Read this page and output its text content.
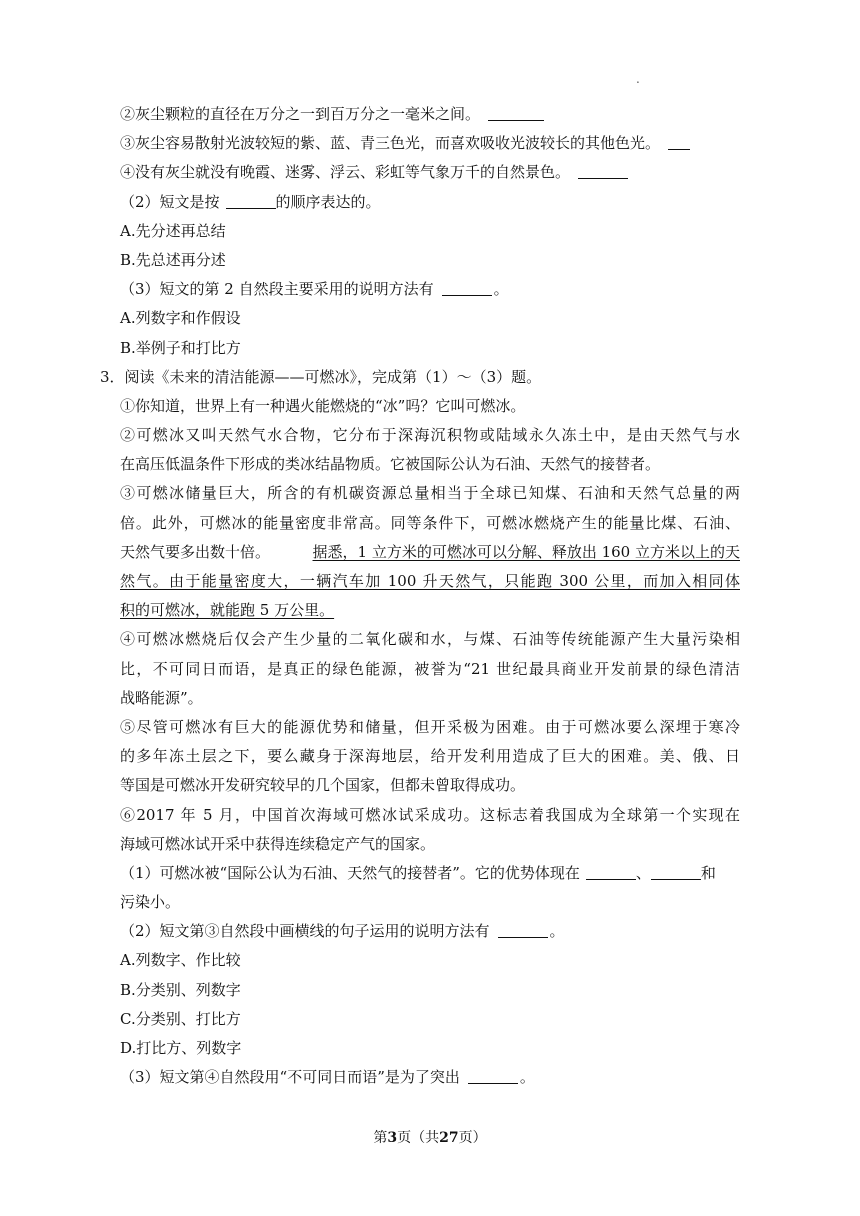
.
②灰尘颗粒的直径在万分之一到百万分之一毫米之间。
③灰尘容易散射光波较短的紫、蓝、青三色光，而喜欢吸收光波较长的其他色光。
④没有灰尘就没有晚霞、迷雾、浮云、彩虹等气象万千的自然景色。
（2）短文是按	的顺序表达的。
A.先分述再总结
B.先总述再分述
（3）短文的第 2 自然段主要采用的说明方法有	。
A.列数字和作假设
B.举例子和打比方
3．阅读《未来的清洁能源——可燃冰》，完成第（1）～（3）题。
①你知道，世界上有一种遇火能燃烧的“冰”吗？它叫可燃冰。
②可燃冰又叫天然气水合物，它分布于深海沉积物或陆域永久冻土中，是由天然气与水
在高压低温条件下形成的类冰结晶物质。它被国际公认为石油、天然气的接替者。
③可燃冰储量巨大，所含的有机碳资源总量相当于全球已知煤、石油和天然气总量的两
倍。此外，可燃冰的能量密度非常高。同等条件下，可燃冰燃烧产生的能量比煤、石油、
天然气要多出数十倍。	据悉，1 立方米的可燃冰可以分解、释放出 160 立方米以上的天
然气。由于能量密度大，一辆汽车加 100 升天然气，只能跑 300 公里，而加入相同体
积的可燃冰，就能跑 5 万公里。
④可燃冰燃烧后仅会产生少量的二氧化碳和水，与煤、石油等传统能源产生大量污染相
比，不可同日而语，是真正的绿色能源，被誉为“21 世纪最具商业开发前景的绿色清洁
战略能源”。
⑤尽管可燃冰有巨大的能源优势和储量，但开采极为困难。由于可燃冰要么深埋于寒冷
的多年冻土层之下，要么藏身于深海地层，给开发利用造成了巨大的困难。美、俄、日
等国是可燃冰开发研究较早的几个国家，但都未曾取得成功。
⑥2017 年 5 月，中国首次海域可燃冰试采成功。这标志着我国成为全球第一个实现在
海域可燃冰试开采中获得连续稳定产气的国家。
（1）可燃冰被“国际公认为石油、天然气的接替者”。它的优势体现在	、	和
污染小。
（2）短文第③自然段中画横线的句子运用的说明方法有	。
A.列数字、作比较
B.分类别、列数字
C.分类别、打比方
D.打比方、列数字
（3）短文第④自然段用“不可同日而语”是为了突出	。
第3页（共27页）
